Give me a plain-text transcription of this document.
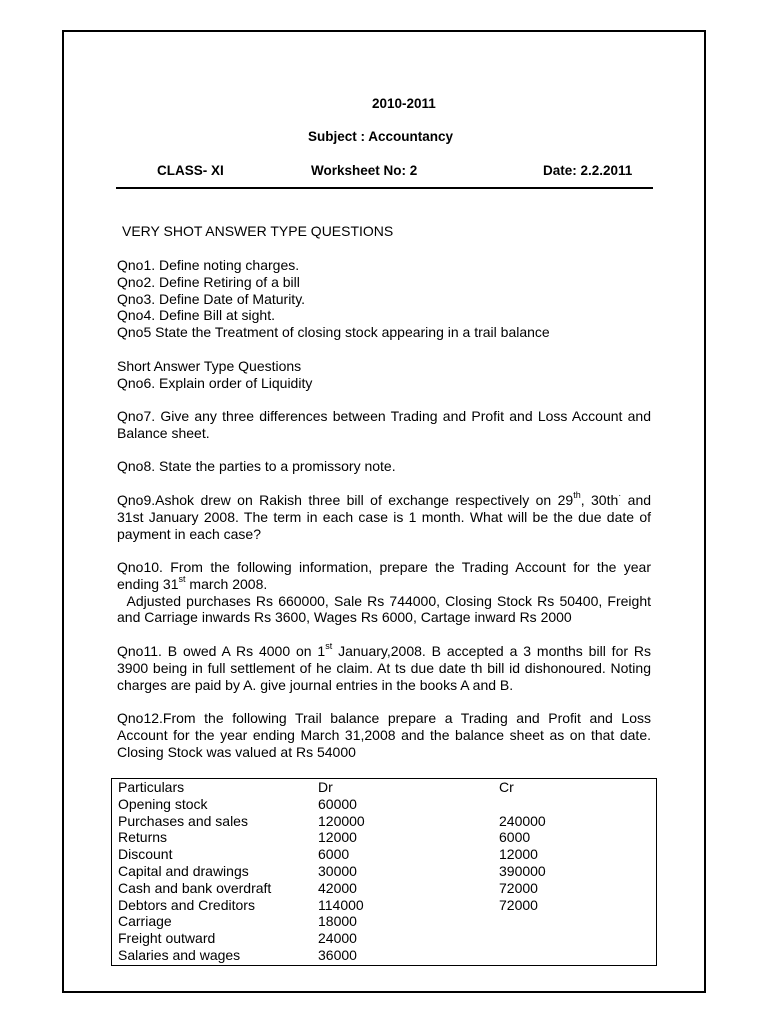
2010-2011
Subject : Accountancy
CLASS- XI	Worksheet No: 2	Date: 2.2.2011
VERY SHOT ANSWER TYPE QUESTIONS
Qno1. Define noting charges.
Qno2. Define Retiring of a bill
Qno3. Define Date of Maturity.
Qno4. Define Bill at sight.
Qno5 State the Treatment of closing stock appearing in a trail balance
Short Answer Type Questions
Qno6. Explain order of Liquidity
Qno7. Give any three differences between Trading and Profit and Loss Account and
Balance sheet.
Qno8. State the parties to a promissory note.
Qno9.Ashok drew on Rakish three bill of exchange respectively on 29th, 30th· and
31st January 2008. The term in each case is 1 month. What will be the due date of
payment in each case?
Qno10. From the following information, prepare the Trading Account for the year
ending 31st march 2008.
Adjusted purchases Rs 660000, Sale Rs 744000, Closing Stock Rs 50400, Freight
and Carriage inwards Rs 3600, Wages Rs 6000, Cartage inward Rs 2000
Qno11. B owed A Rs 4000 on 1st January,2008. B accepted a 3 months bill for Rs
3900 being in full settlement of he claim. At ts due date th bill id dishonoured. Noting
charges are paid by A. give journal entries in the books A and B.
Qno12.From the following Trail balance prepare a Trading and Profit and Loss
Account for the year ending March 31,2008 and the balance sheet as on that date.
Closing Stock was valued at Rs 54000
Particulars	Dr	Cr
Opening stock	60000
Purchases and sales	120000	240000
Returns	12000	6000
Discount	6000	12000
Capital and drawings	30000	390000
Cash and bank overdraft	42000	72000
Debtors and Creditors	114000	72000
Carriage	18000
Freight outward	24000
Salaries and wages	36000
